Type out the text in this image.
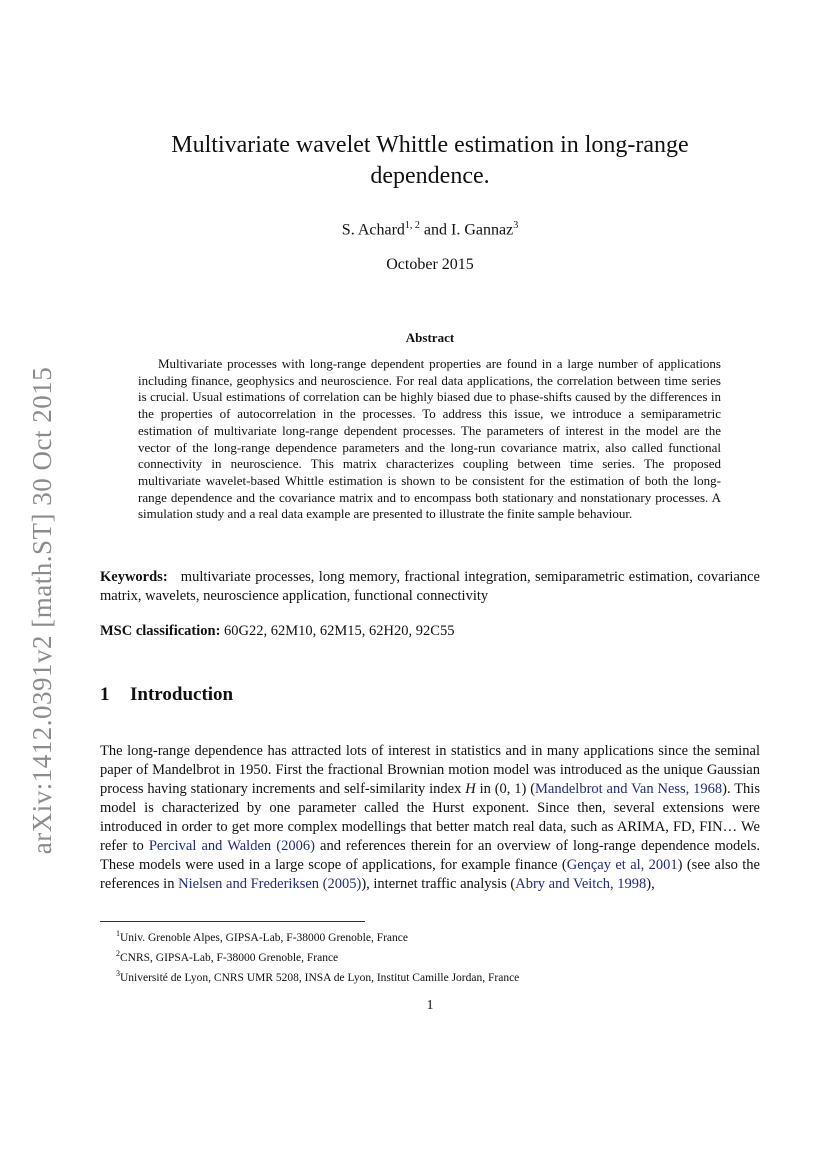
arXiv:1412.0391v2 [math.ST] 30 Oct 2015
Multivariate wavelet Whittle estimation in long-range dependence.
S. Achard$^{1, 2}$ and I. Gannaz$^3$
October 2015
Abstract

Multivariate processes with long-range dependent properties are found in a large number of applications including finance, geophysics and neuroscience. For real data applications, the correlation between time series is crucial. Usual estimations of correlation can be highly biased due to phase-shifts caused by the differences in the properties of autocorrelation in the processes. To address this issue, we introduce a semiparametric estimation of multivariate long-range dependent processes. The parameters of interest in the model are the vector of the long-range dependence parameters and the long-run covariance matrix, also called functional connectivity in neuroscience. This matrix characterizes coupling between time series. The proposed multivariate wavelet-based Whittle estimation is shown to be consistent for the estimation of both the long-range dependence and the covariance matrix and to encompass both stationary and nonstationary processes. A simulation study and a real data example are presented to illustrate the finite sample behaviour.

Keywords: multivariate processes, long memory, fractional integration, semiparametric estimation, covariance matrix, wavelets, neuroscience application, functional connectivity

MSC classification: 60G22, 62M10, 62M15, 62H20, 92C55

1 Introduction

The long-range dependence has attracted lots of interest in statistics and in many applications since the seminal paper of Mandelbrot in 1950. First the fractional Brownian motion model was introduced as the unique Gaussian process having stationary increments and self-similarity index H in (0, 1) (Mandelbrot and Van Ness, 1968). This model is characterized by one parameter called the Hurst exponent. Since then, several extensions were introduced in order to get more complex modellings that better match real data, such as ARIMA, FD, FIN… We refer to Percival and Walden (2006) and references therein for an overview of long-range dependence models. These models were used in a large scope of applications, for example finance (Gençay et al, 2001) (see also the references in Nielsen and Frederiksen (2005)), internet traffic analysis (Abry and Veitch, 1998),

$^1$Univ. Grenoble Alpes, GIPSA-Lab, F-38000 Grenoble, France
$^2$CNRS, GIPSA-Lab, F-38000 Grenoble, France
$^3$Université de Lyon, CNRS UMR 5208, INSA de Lyon, Institut Camille Jordan, France
1
